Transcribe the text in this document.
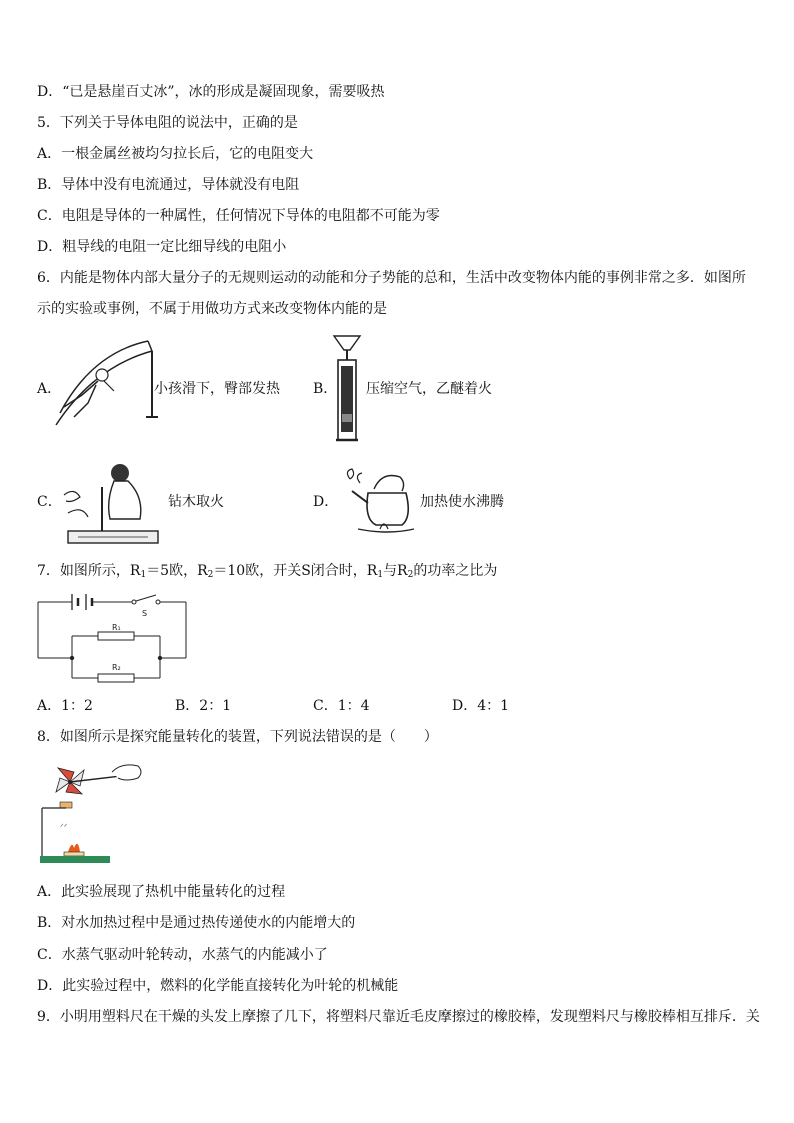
D．“已是悬崖百丈冰”，冰的形成是凝固现象，需要吸热
5．下列关于导体电阻的说法中，正确的是
A．一根金属丝被均匀拉长后，它的电阻变大
B．导体中没有电流通过，导体就没有电阻
C．电阻是导体的一种属性，任何情况下导体的电阻都不可能为零
D．粗导线的电阻一定比细导线的电阻小
6．内能是物体内部大量分子的无规则运动的动能和分子势能的总和，生活中改变物体内能的事例非常之多．如图所示的实验或事例，不属于用做功方式来改变物体内能的是
A．	小孩滑下，臀部发热 B． 压缩空气，乙醚着火
C．	钻木取火	D．	加热使水沸腾
7．如图所示，$R_1=5$欧，$R_2=10$欧，开关S闭合时，$R_1$与$R_2$的功率之比为
S
R₁
R₂
A．1：2	B．2：1	C．1：4	D．4：1
8．如图所示是探究能量转化的装置，下列说法错误的是（　　）
ᐟᐟ
A．此实验展现了热机中能量转化的过程
B．对水加热过程中是通过热传递使水的内能增大的
C．水蒸气驱动叶轮转动，水蒸气的内能减小了
D．此实验过程中，燃料的化学能直接转化为叶轮的机械能
9．小明用塑料尺在干燥的头发上摩擦了几下，将塑料尺靠近毛皮摩擦过的橡胶棒，发现塑料尺与橡胶棒相互排斥．关
